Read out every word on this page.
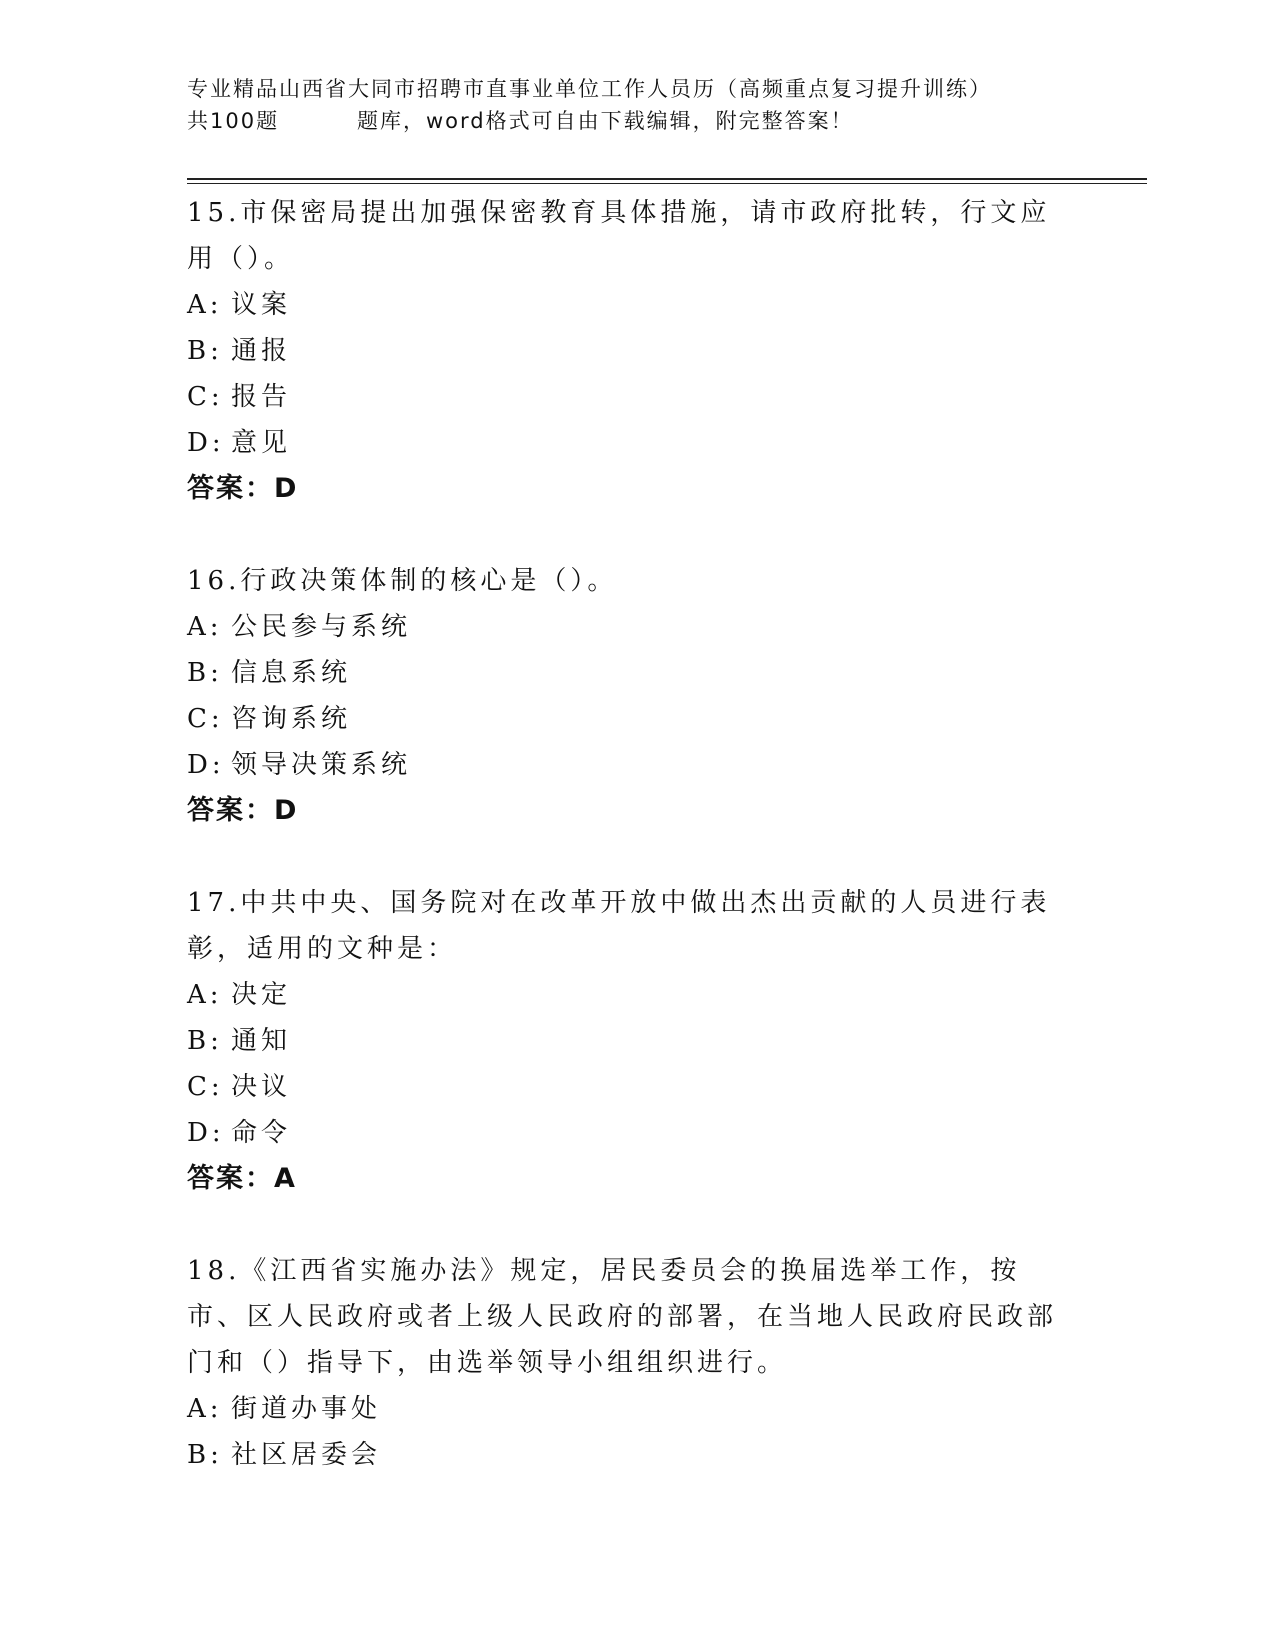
专业精品山西省大同市招聘市直事业单位工作人员历（高频重点复习提升训练）
共100题	题库，word格式可自由下载编辑，附完整答案！
15.市保密局提出加强保密教育具体措施，请市政府批转，行文应用（）。
A: 议案
B: 通报
C: 报告
D: 意见
答案：D
16.行政决策体制的核心是（）。
A: 公民参与系统
B: 信息系统
C: 咨询系统
D: 领导决策系统
答案：D
17.中共中央、国务院对在改革开放中做出杰出贡献的人员进行表彰，适用的文种是：
A: 决定
B: 通知
C: 决议
D: 命令
答案：A
18.《江西省实施办法》规定，居民委员会的换届选举工作，按市、区人民政府或者上级人民政府的部署，在当地人民政府民政部门和（）指导下，由选举领导小组组织进行。
A: 街道办事处
B: 社区居委会
